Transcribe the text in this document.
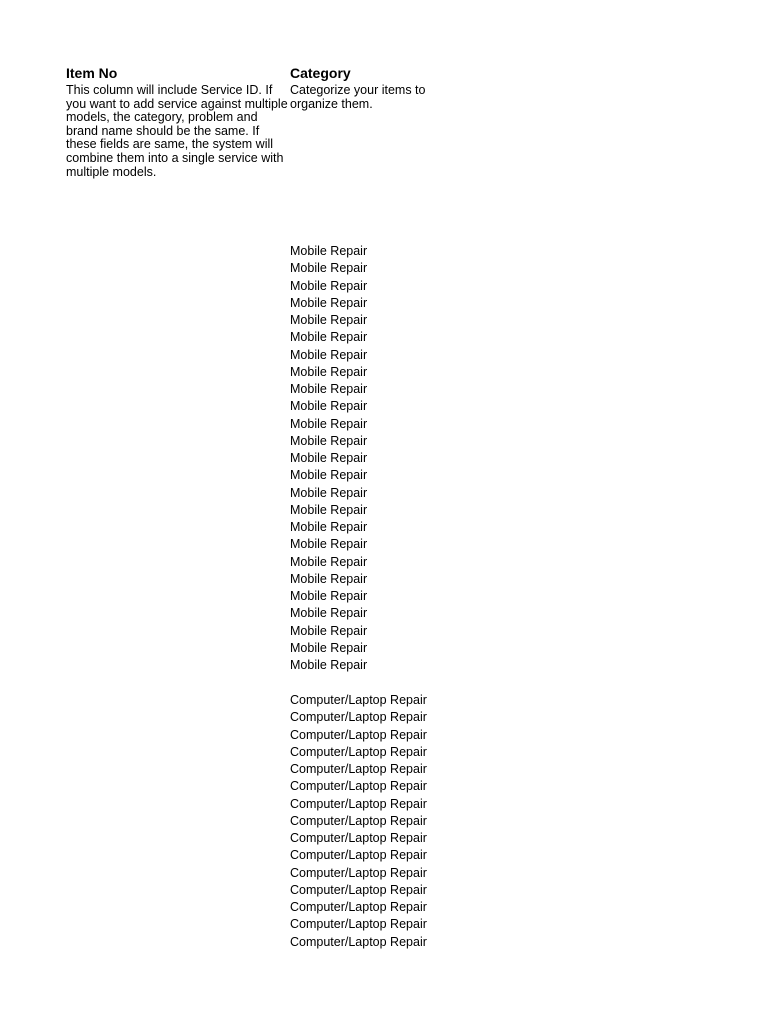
Item No

This column will include Service ID. If you want to add service against multiple models, the category, problem and brand name should be the same. If these fields are same, the system will combine them into a single service with multiple models.

Category

Categorize your items to organize them.

Mobile Repair
Mobile Repair
Mobile Repair
Mobile Repair
Mobile Repair
Mobile Repair
Mobile Repair
Mobile Repair
Mobile Repair
Mobile Repair
Mobile Repair
Mobile Repair
Mobile Repair
Mobile Repair
Mobile Repair
Mobile Repair
Mobile Repair
Mobile Repair
Mobile Repair
Mobile Repair
Mobile Repair
Mobile Repair
Mobile Repair
Mobile Repair
Mobile Repair
Computer/Laptop Repair
Computer/Laptop Repair
Computer/Laptop Repair
Computer/Laptop Repair
Computer/Laptop Repair
Computer/Laptop Repair
Computer/Laptop Repair
Computer/Laptop Repair
Computer/Laptop Repair
Computer/Laptop Repair
Computer/Laptop Repair
Computer/Laptop Repair
Computer/Laptop Repair
Computer/Laptop Repair
Computer/Laptop Repair
